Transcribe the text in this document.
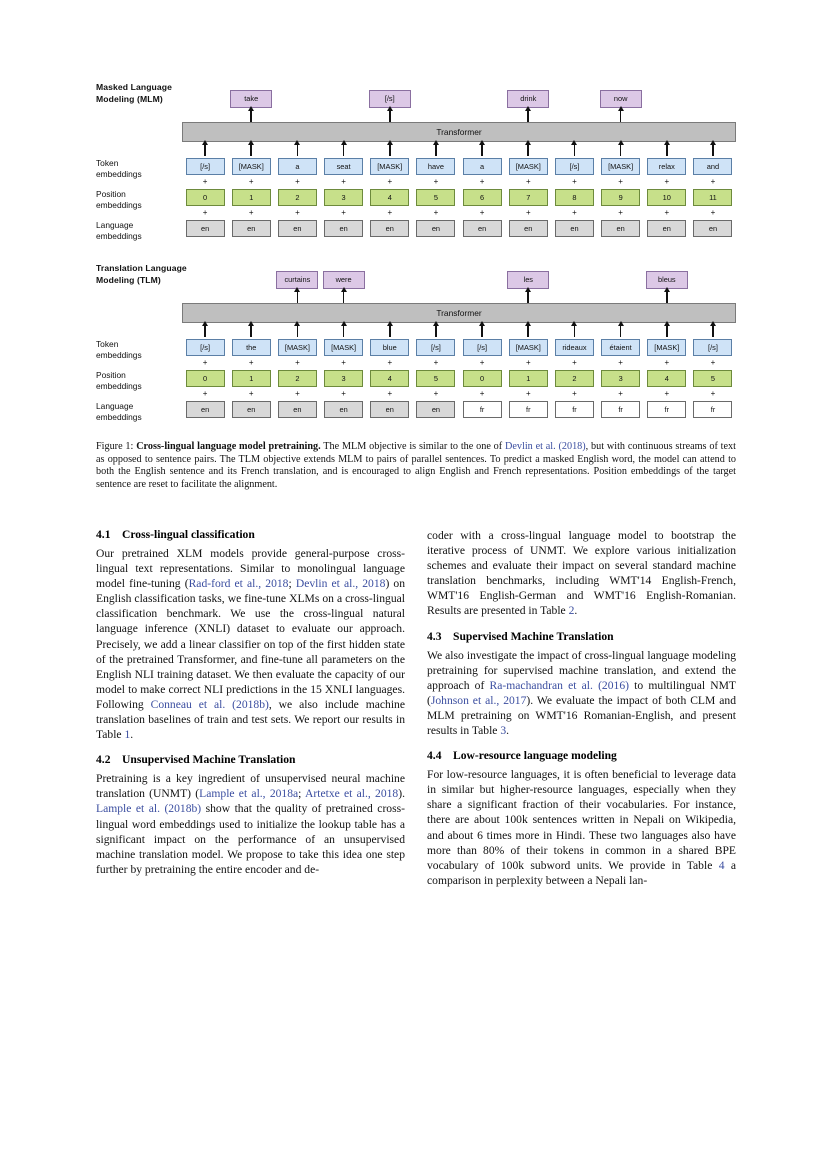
Masked Language
Modeling (MLM)	take	[/s]	drink	now
Transformer
Token
embeddings
[/s]	[MASK]	a	seat	[MASK]	have	a	[MASK]	[/s]	[MASK]	relax	and
+	+	+	+	+	+	+	+	+	+	+	+
Position
embeddings
0	1	2	3	4	5	6	7	8	9	10	11
+	+	+	+	+	+	+	+	+	+	+	+
Language
embeddings
en	en	en	en	en	en	en	en	en	en	en	en
Translation Language
Modeling (TLM)	curtains	were	les	bleus
Transformer
Token
embeddings
[/s]	the	[MASK]	[MASK]	blue	[/s]	[/s]	[MASK]	rideaux	étaient	[MASK]	[/s]
+	+	+	+	+	+	+	+	+	+	+	+
Position
embeddings
0	1	2	3	4	5	0	1	2	3	4	5
+	+	+	+	+	+	+	+	+	+	+	+
Language
embeddings
en	en	en	en	en	en	fr	fr	fr	fr	fr	fr
Figure 1: Cross-lingual language model pretraining. The MLM objective is similar to the one of Devlin et al. (2018), but with continuous streams of text as opposed to sentence pairs. The TLM objective extends MLM to pairs of parallel sentences. To predict a masked English word, the model can attend to both the English sentence and its French translation, and is encouraged to align English and French representations. Position embeddings of the target sentence are reset to facilitate the alignment.
4.1 Cross-lingual classification

Our pretrained XLM models provide general-purpose cross-lingual text representations. Similar to monolingual language model fine-tuning (Rad-ford et al., 2018; Devlin et al., 2018) on English classification tasks, we fine-tune XLMs on a cross-lingual classification benchmark. We use the cross-lingual natural language inference (XNLI) dataset to evaluate our approach. Precisely, we add a linear classifier on top of the first hidden state of the pretrained Transformer, and fine-tune all parameters on the English NLI training dataset. We then evaluate the capacity of our model to make correct NLI predictions in the 15 XNLI languages. Following Conneau et al. (2018b), we also include machine translation baselines of train and test sets. We report our results in Table 1.

4.2 Unsupervised Machine Translation

Pretraining is a key ingredient of unsupervised neural machine translation (UNMT) (Lample et al., 2018a; Artetxe et al., 2018). Lample et al. (2018b) show that the quality of pretrained cross-lingual word embeddings used to initialize the lookup table has a significant impact on the performance of an unsupervised machine translation model. We propose to take this idea one step further by pretraining the entire encoder and de-

coder with a cross-lingual language model to bootstrap the iterative process of UNMT. We explore various initialization schemes and evaluate their impact on several standard machine translation benchmarks, including WMT'14 English-French, WMT'16 English-German and WMT'16 English-Romanian. Results are presented in Table 2.

4.3 Supervised Machine Translation

We also investigate the impact of cross-lingual language modeling pretraining for supervised machine translation, and extend the approach of Ra-machandran et al. (2016) to multilingual NMT (Johnson et al., 2017). We evaluate the impact of both CLM and MLM pretraining on WMT'16 Romanian-English, and present results in Table 3.

4.4 Low-resource language modeling

For low-resource languages, it is often beneficial to leverage data in similar but higher-resource languages, especially when they share a significant fraction of their vocabularies. For instance, there are about 100k sentences written in Nepali on Wikipedia, and about 6 times more in Hindi. These two languages also have more than 80% of their tokens in common in a shared BPE vocabulary of 100k subword units. We provide in Table 4 a comparison in perplexity between a Nepali lan-
